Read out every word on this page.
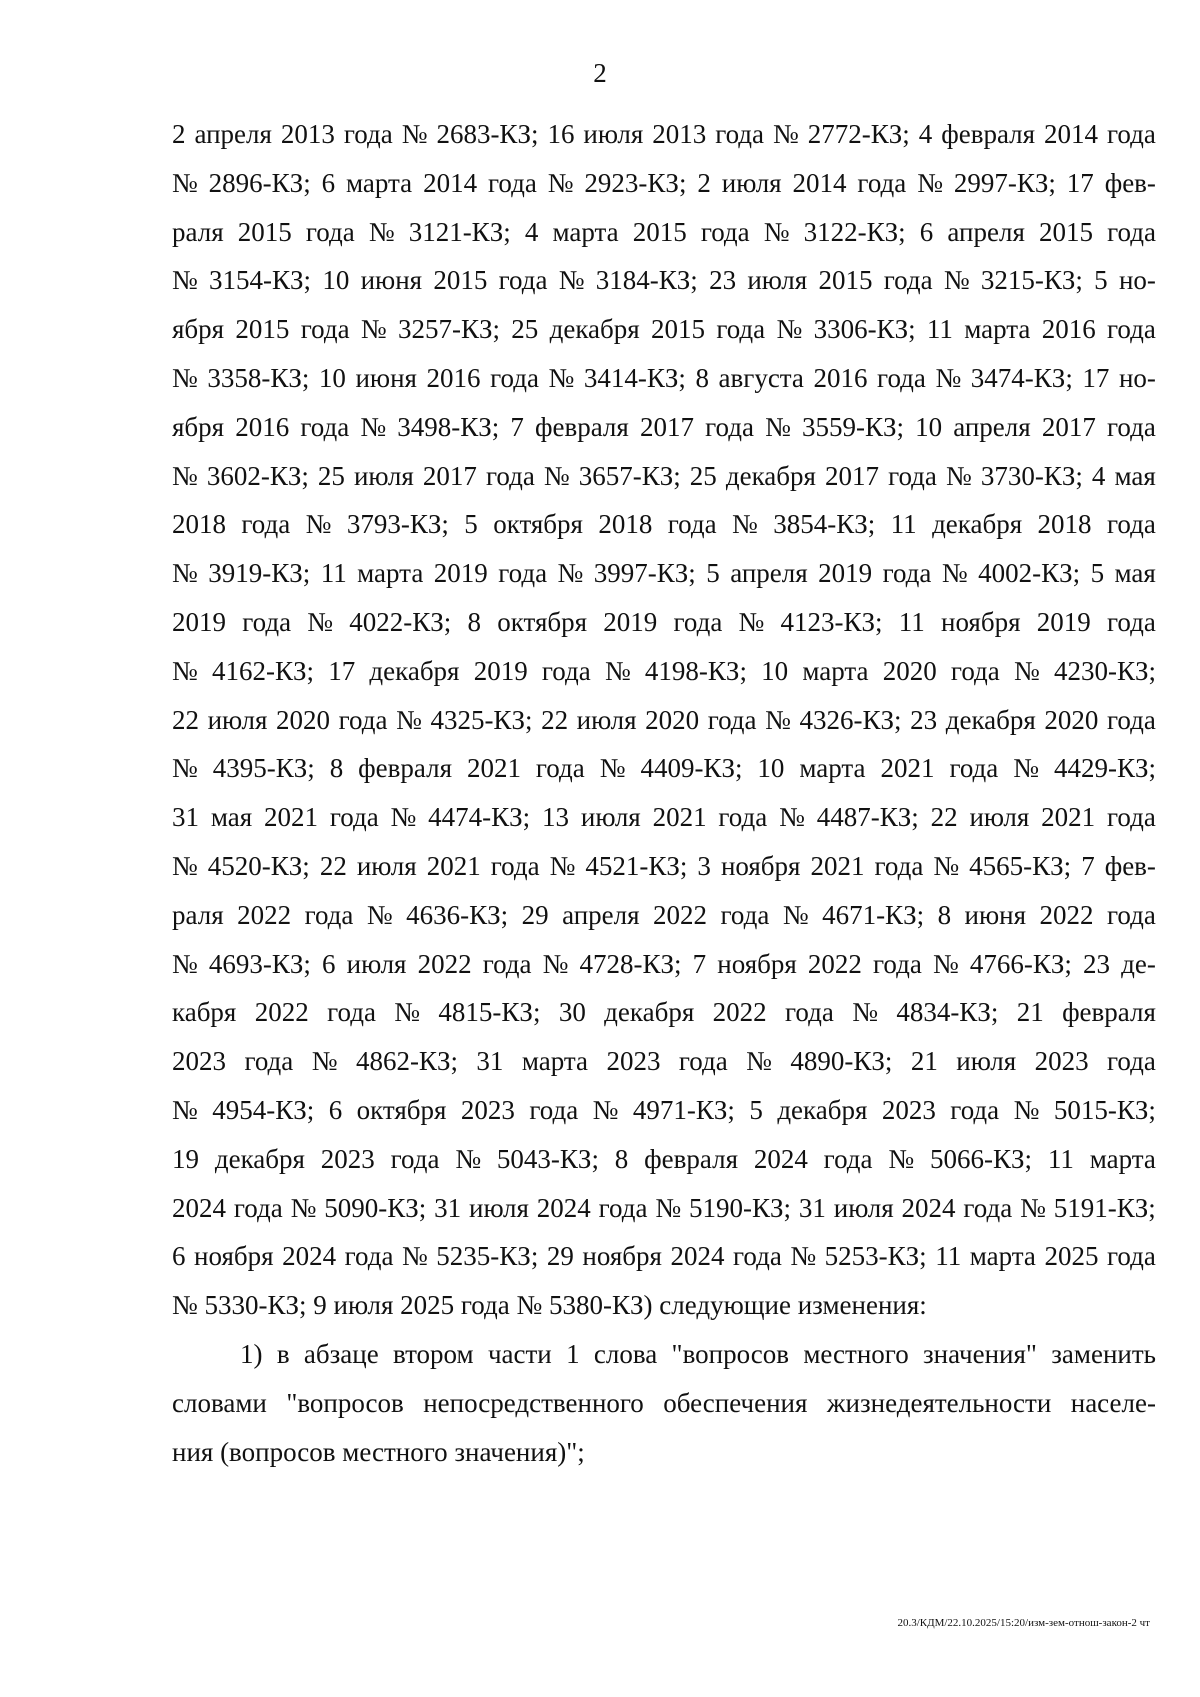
2
2 апреля 2013 года № 2683-КЗ; 16 июля 2013 года № 2772-КЗ; 4 февраля 2014 года
№ 2896-КЗ; 6 марта 2014 года № 2923-КЗ; 2 июля 2014 года № 2997-КЗ; 17 фев-
раля 2015 года № 3121-КЗ; 4 марта 2015 года № 3122-КЗ; 6 апреля 2015 года
№ 3154-КЗ; 10 июня 2015 года № 3184-КЗ; 23 июля 2015 года № 3215-КЗ; 5 но-
ября 2015 года № 3257-КЗ; 25 декабря 2015 года № 3306-КЗ; 11 марта 2016 года
№ 3358-КЗ; 10 июня 2016 года № 3414-КЗ; 8 августа 2016 года № 3474-КЗ; 17 но-
ября 2016 года № 3498-КЗ; 7 февраля 2017 года № 3559-КЗ; 10 апреля 2017 года
№ 3602-КЗ; 25 июля 2017 года № 3657-КЗ; 25 декабря 2017 года № 3730-КЗ; 4 мая
2018 года № 3793-КЗ; 5 октября 2018 года № 3854-КЗ; 11 декабря 2018 года
№ 3919-КЗ; 11 марта 2019 года № 3997-КЗ; 5 апреля 2019 года № 4002-КЗ; 5 мая
2019 года № 4022-КЗ; 8 октября 2019 года № 4123-КЗ; 11 ноября 2019 года
№ 4162-КЗ; 17 декабря 2019 года № 4198-КЗ; 10 марта 2020 года № 4230-КЗ;
22 июля 2020 года № 4325-КЗ; 22 июля 2020 года № 4326-КЗ; 23 декабря 2020 года
№ 4395-КЗ; 8 февраля 2021 года № 4409-КЗ; 10 марта 2021 года № 4429-КЗ;
31 мая 2021 года № 4474-КЗ; 13 июля 2021 года № 4487-КЗ; 22 июля 2021 года
№ 4520-КЗ; 22 июля 2021 года № 4521-КЗ; 3 ноября 2021 года № 4565-КЗ; 7 фев-
раля 2022 года № 4636-КЗ; 29 апреля 2022 года № 4671-КЗ; 8 июня 2022 года
№ 4693-КЗ; 6 июля 2022 года № 4728-КЗ; 7 ноября 2022 года № 4766-КЗ; 23 де-
кабря 2022 года № 4815-КЗ; 30 декабря 2022 года № 4834-КЗ; 21 февраля
2023 года № 4862-КЗ; 31 марта 2023 года № 4890-КЗ; 21 июля 2023 года
№ 4954-КЗ; 6 октября 2023 года № 4971-КЗ; 5 декабря 2023 года № 5015-КЗ;
19 декабря 2023 года № 5043-КЗ; 8 февраля 2024 года № 5066-КЗ; 11 марта
2024 года № 5090-КЗ; 31 июля 2024 года № 5190-КЗ; 31 июля 2024 года № 5191-КЗ;
6 ноября 2024 года № 5235-КЗ; 29 ноября 2024 года № 5253-КЗ; 11 марта 2025 года
№ 5330-КЗ; 9 июля 2025 года № 5380-КЗ) следующие изменения:
1) в абзаце втором части 1 слова "вопросов местного значения" заменить
словами "вопросов непосредственного обеспечения жизнедеятельности населе-
ния (вопросов местного значения)";
20.3/КДМ/22.10.2025/15:20/изм-зем-отнош-закон-2 чт
